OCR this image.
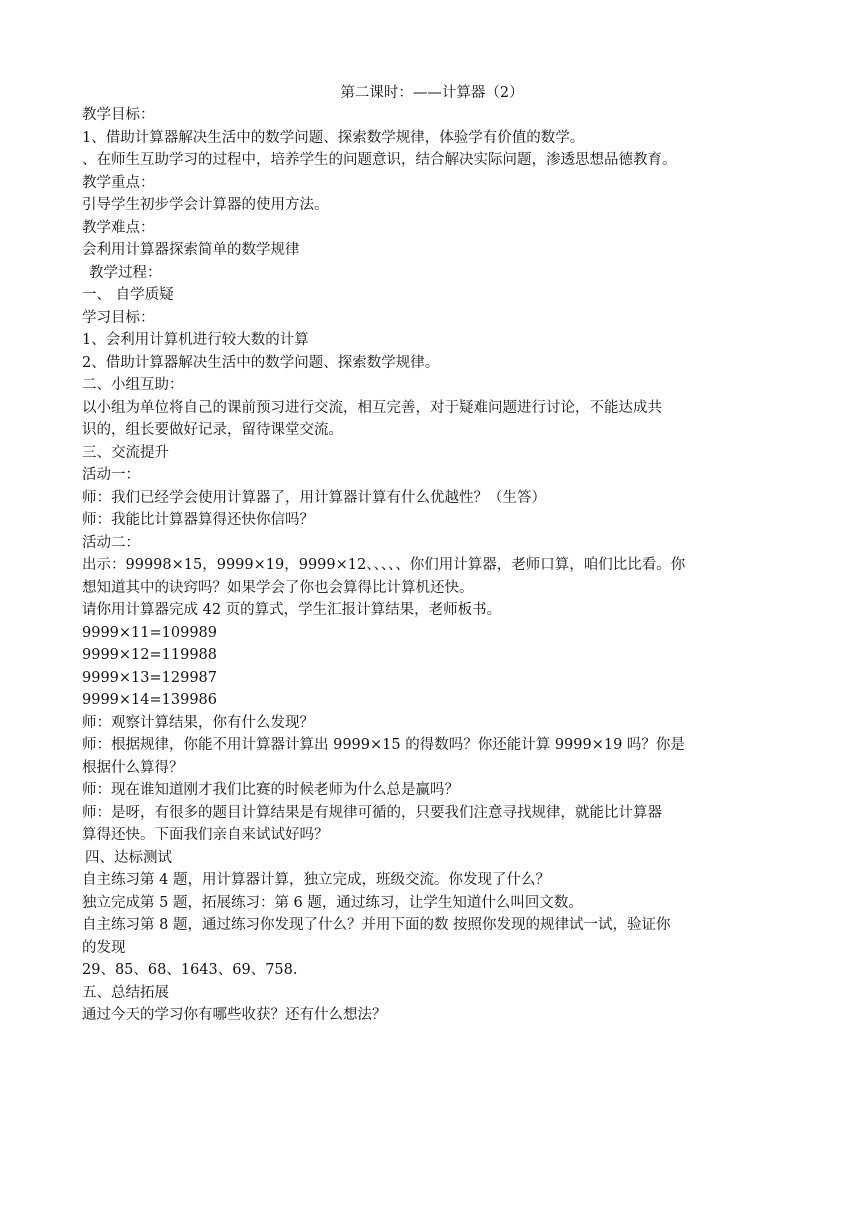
第二课时：——计算器（2）
教学目标：
1、借助计算器解决生活中的数学问题、探索数学规律，体验学有价值的数学。
、在师生互助学习的过程中，培养学生的问题意识，结合解决实际问题，渗透思想品德教育。
教学重点：
引导学生初步学会计算器的使用方法。
教学难点：
会利用计算器探索简单的数学规律
教学过程：
一、 自学质疑
学习目标：
1、会利用计算机进行较大数的计算
2、借助计算器解决生活中的数学问题、探索数学规律。
二、小组互助：
以小组为单位将自己的课前预习进行交流，相互完善，对于疑难问题进行讨论，不能达成共
识的，组长要做好记录，留待课堂交流。
三、交流提升
活动一：
师：我们已经学会使用计算器了，用计算器计算有什么优越性？（生答）
师：我能比计算器算得还快你信吗？
活动二：
出示：99998×15，9999×19，9999×12、、、、、你们用计算器，老师口算，咱们比比看。你
想知道其中的诀窍吗？如果学会了你也会算得比计算机还快。
请你用计算器完成 42 页的算式，学生汇报计算结果，老师板书。
9999×11=109989
9999×12=119988
9999×13=129987
9999×14=139986
师：观察计算结果，你有什么发现？
师：根据规律，你能不用计算器计算出 9999×15 的得数吗？你还能计算 9999×19 吗？你是
根据什么算得？
师：现在谁知道刚才我们比赛的时候老师为什么总是赢吗？
师：是呀，有很多的题目计算结果是有规律可循的，只要我们注意寻找规律，就能比计算器
算得还快。下面我们亲自来试试好吗？
四、达标测试
自主练习第 4 题，用计算器计算，独立完成，班级交流。你发现了什么？
独立完成第 5 题，拓展练习：第 6 题，通过练习，让学生知道什么叫回文数。
自主练习第 8 题，通过练习你发现了什么？并用下面的数 按照你发现的规律试一试，验证你
的发现
29、85、68、1643、69、758.
五、总结拓展
通过今天的学习你有哪些收获？还有什么想法？
